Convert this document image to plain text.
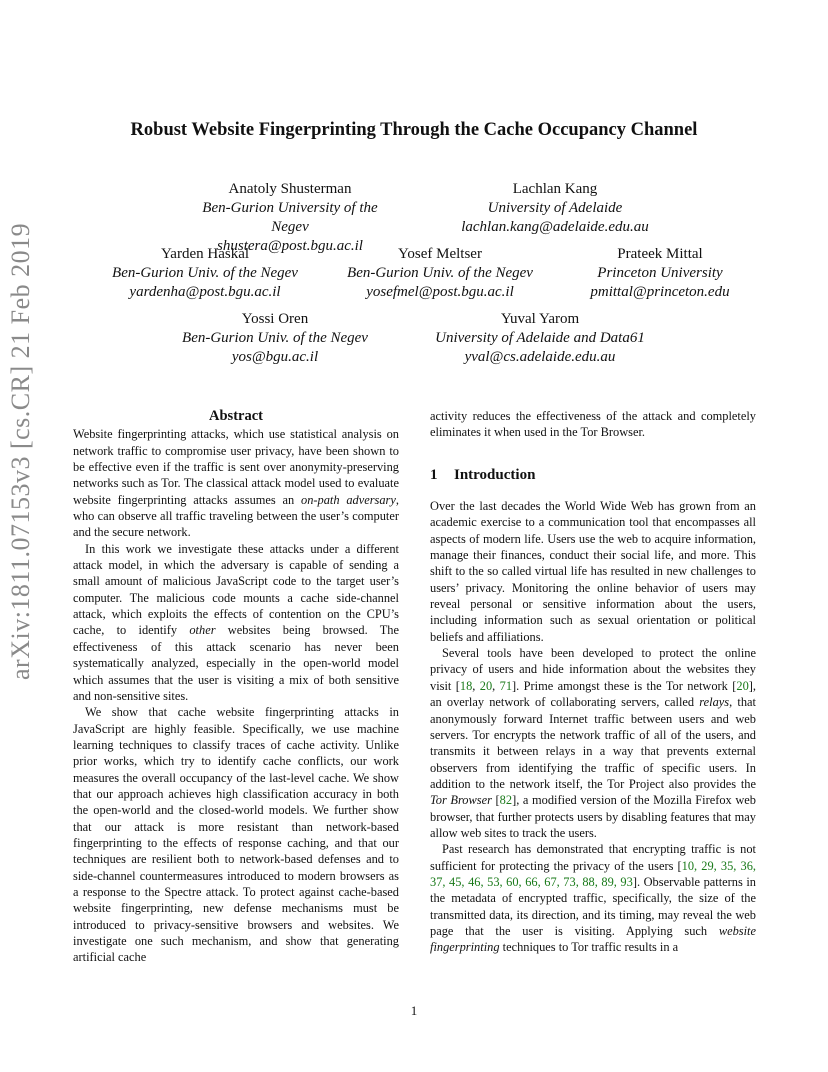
arXiv:1811.07153v3 [cs.CR] 21 Feb 2019
Robust Website Fingerprinting Through the Cache Occupancy Channel
Anatoly Shusterman
Ben-Gurion University of the Negev
shustera@post.bgu.ac.il
Lachlan Kang
University of Adelaide
lachlan.kang@adelaide.edu.au
Yarden Haskal
Ben-Gurion Univ. of the Negev
yardenha@post.bgu.ac.il
Yosef Meltser
Ben-Gurion Univ. of the Negev
yosefmel@post.bgu.ac.il
Prateek Mittal
Princeton University
pmittal@princeton.edu
Yossi Oren
Ben-Gurion Univ. of the Negev
yos@bgu.ac.il
Yuval Yarom
University of Adelaide and Data61
yval@cs.adelaide.edu.au
Abstract

Website fingerprinting attacks, which use statistical analysis on network traffic to compromise user privacy, have been shown to be effective even if the traffic is sent over anonymity-preserving networks such as Tor. The classical attack model used to evaluate website fingerprinting attacks assumes an on-path adversary, who can observe all traffic traveling between the user’s computer and the secure network.

In this work we investigate these attacks under a different attack model, in which the adversary is capable of sending a small amount of malicious JavaScript code to the target user’s computer. The malicious code mounts a cache side-channel attack, which exploits the effects of contention on the CPU’s cache, to identify other websites being browsed. The effectiveness of this attack scenario has never been systematically analyzed, especially in the open-world model which assumes that the user is visiting a mix of both sensitive and non-sensitive sites.

We show that cache website fingerprinting attacks in JavaScript are highly feasible. Specifically, we use machine learning techniques to classify traces of cache activity. Unlike prior works, which try to identify cache conflicts, our work measures the overall occupancy of the last-level cache. We show that our approach achieves high classification accuracy in both the open-world and the closed-world models. We further show that our attack is more resistant than network-based fingerprinting to the effects of response caching, and that our techniques are resilient both to network-based defenses and to side-channel countermeasures introduced to modern browsers as a response to the Spectre attack. To protect against cache-based website fingerprinting, new defense mechanisms must be introduced to privacy-sensitive browsers and websites. We investigate one such mechanism, and show that generating artificial cache

activity reduces the effectiveness of the attack and completely eliminates it when used in the Tor Browser.

1 Introduction

Over the last decades the World Wide Web has grown from an academic exercise to a communication tool that encompasses all aspects of modern life. Users use the web to acquire information, manage their finances, conduct their social life, and more. This shift to the so called virtual life has resulted in new challenges to users’ privacy. Monitoring the online behavior of users may reveal personal or sensitive information about the users, including information such as sexual orientation or political beliefs and affiliations.

Several tools have been developed to protect the online privacy of users and hide information about the websites they visit [18, 20, 71]. Prime amongst these is the Tor network [20], an overlay network of collaborating servers, called relays, that anonymously forward Internet traffic between users and web servers. Tor encrypts the network traffic of all of the users, and transmits it between relays in a way that prevents external observers from identifying the traffic of specific users. In addition to the network itself, the Tor Project also provides the Tor Browser [82], a modified version of the Mozilla Firefox web browser, that further protects users by disabling features that may allow web sites to track the users.

Past research has demonstrated that encrypting traffic is not sufficient for protecting the privacy of the users [10, 29, 35, 36, 37, 45, 46, 53, 60, 66, 67, 73, 88, 89, 93]. Observable patterns in the metadata of encrypted traffic, specifically, the size of the transmitted data, its direction, and its timing, may reveal the web page that the user is visiting. Applying such website fingerprinting techniques to Tor traffic results in a

1
